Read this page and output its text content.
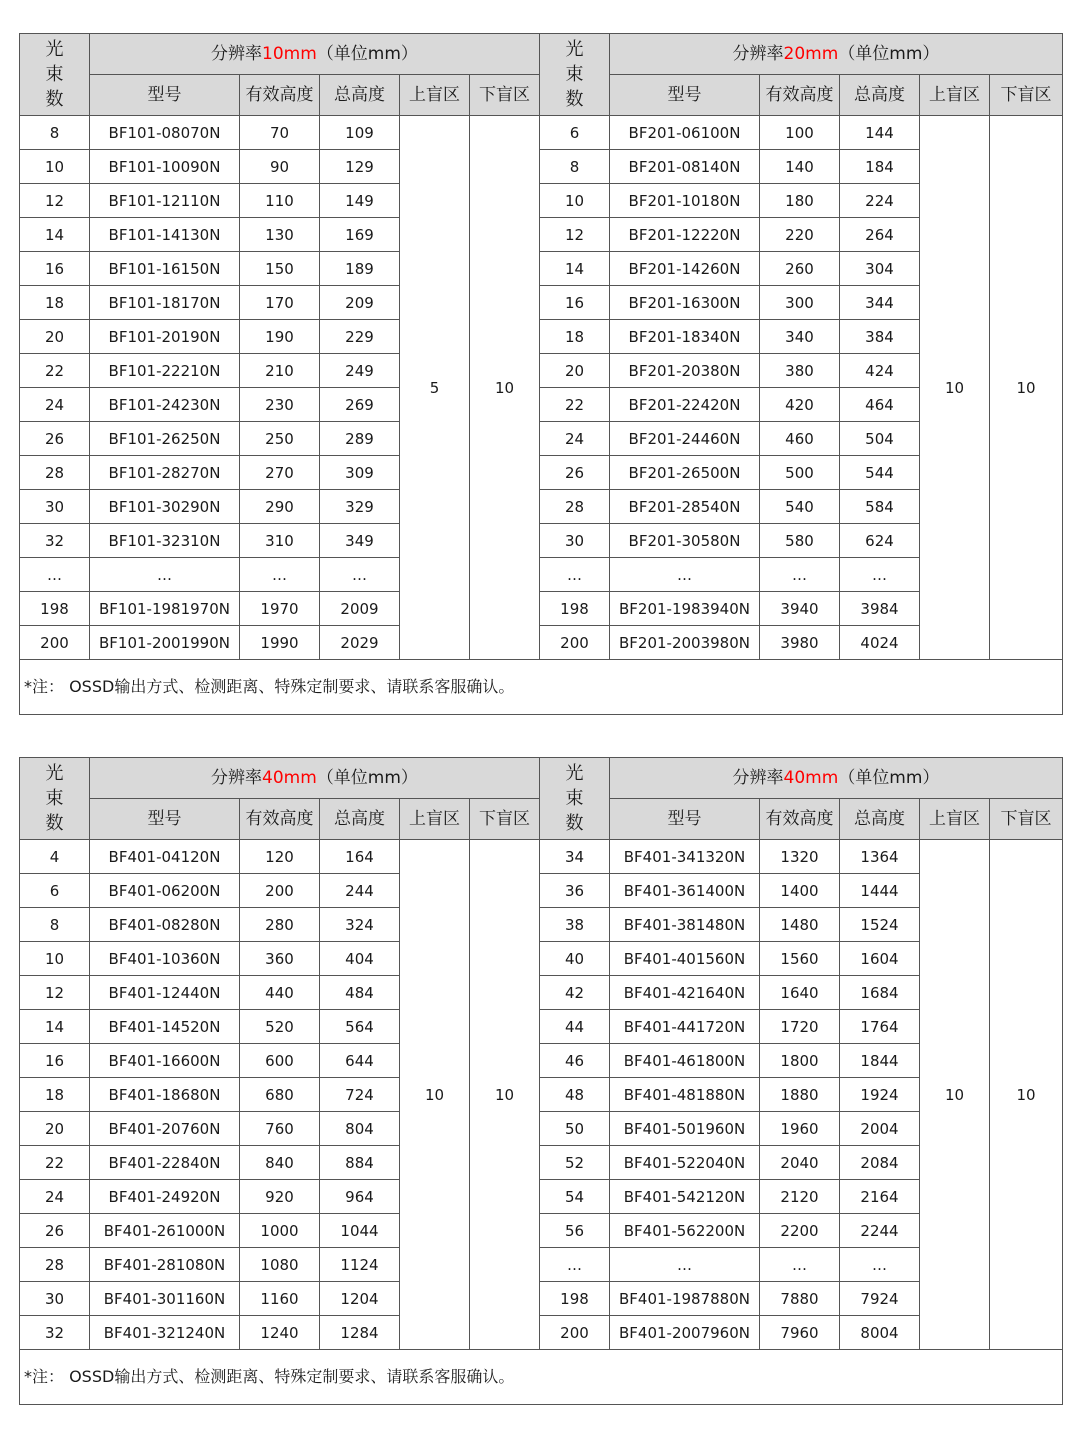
光
束
数	分辨率10mm（单位mm）					光
束
数	分辨率20mm（单位mm）				
	型号	有效高度	总高度	上盲区	下盲区		型号	有效高度	总高度	上盲区	下盲区
8	BF101-08070N	70	109	5	10	6	BF201-06100N	100	144	10	10
10	BF101-10090N	90	129			8	BF201-08140N	140	184		
12	BF101-12110N	110	149			10	BF201-10180N	180	224		
14	BF101-14130N	130	169			12	BF201-12220N	220	264		
16	BF101-16150N	150	189			14	BF201-14260N	260	304		
18	BF101-18170N	170	209			16	BF201-16300N	300	344		
20	BF101-20190N	190	229			18	BF201-18340N	340	384		
22	BF101-22210N	210	249			20	BF201-20380N	380	424		
24	BF101-24230N	230	269			22	BF201-22420N	420	464		
26	BF101-26250N	250	289			24	BF201-24460N	460	504		
28	BF101-28270N	270	309			26	BF201-26500N	500	544		
30	BF101-30290N	290	329			28	BF201-28540N	540	584		
32	BF101-32310N	310	349			30	BF201-30580N	580	624		
…	…	…	…			…	…	…	…		
198	BF101-1981970N	1970	2009			198	BF201-1983940N	3940	3984		
200	BF101-2001990N	1990	2029			200	BF201-2003980N	3980	4024		
*注： OSSD输出方式、检测距离、特殊定制要求、请联系客服确认。											
光
束
数	分辨率40mm（单位mm）					光
束
数	分辨率40mm（单位mm）				
	型号	有效高度	总高度	上盲区	下盲区		型号	有效高度	总高度	上盲区	下盲区
4	BF401-04120N	120	164	10	10	34	BF401-341320N	1320	1364	10	10
6	BF401-06200N	200	244			36	BF401-361400N	1400	1444		
8	BF401-08280N	280	324			38	BF401-381480N	1480	1524		
10	BF401-10360N	360	404			40	BF401-401560N	1560	1604		
12	BF401-12440N	440	484			42	BF401-421640N	1640	1684		
14	BF401-14520N	520	564			44	BF401-441720N	1720	1764		
16	BF401-16600N	600	644			46	BF401-461800N	1800	1844		
18	BF401-18680N	680	724			48	BF401-481880N	1880	1924		
20	BF401-20760N	760	804			50	BF401-501960N	1960	2004		
22	BF401-22840N	840	884			52	BF401-522040N	2040	2084		
24	BF401-24920N	920	964			54	BF401-542120N	2120	2164		
26	BF401-261000N	1000	1044			56	BF401-562200N	2200	2244		
28	BF401-281080N	1080	1124			…	…	…	…		
30	BF401-301160N	1160	1204			198	BF401-1987880N	7880	7924		
32	BF401-321240N	1240	1284			200	BF401-2007960N	7960	8004		
*注： OSSD输出方式、检测距离、特殊定制要求、请联系客服确认。											
